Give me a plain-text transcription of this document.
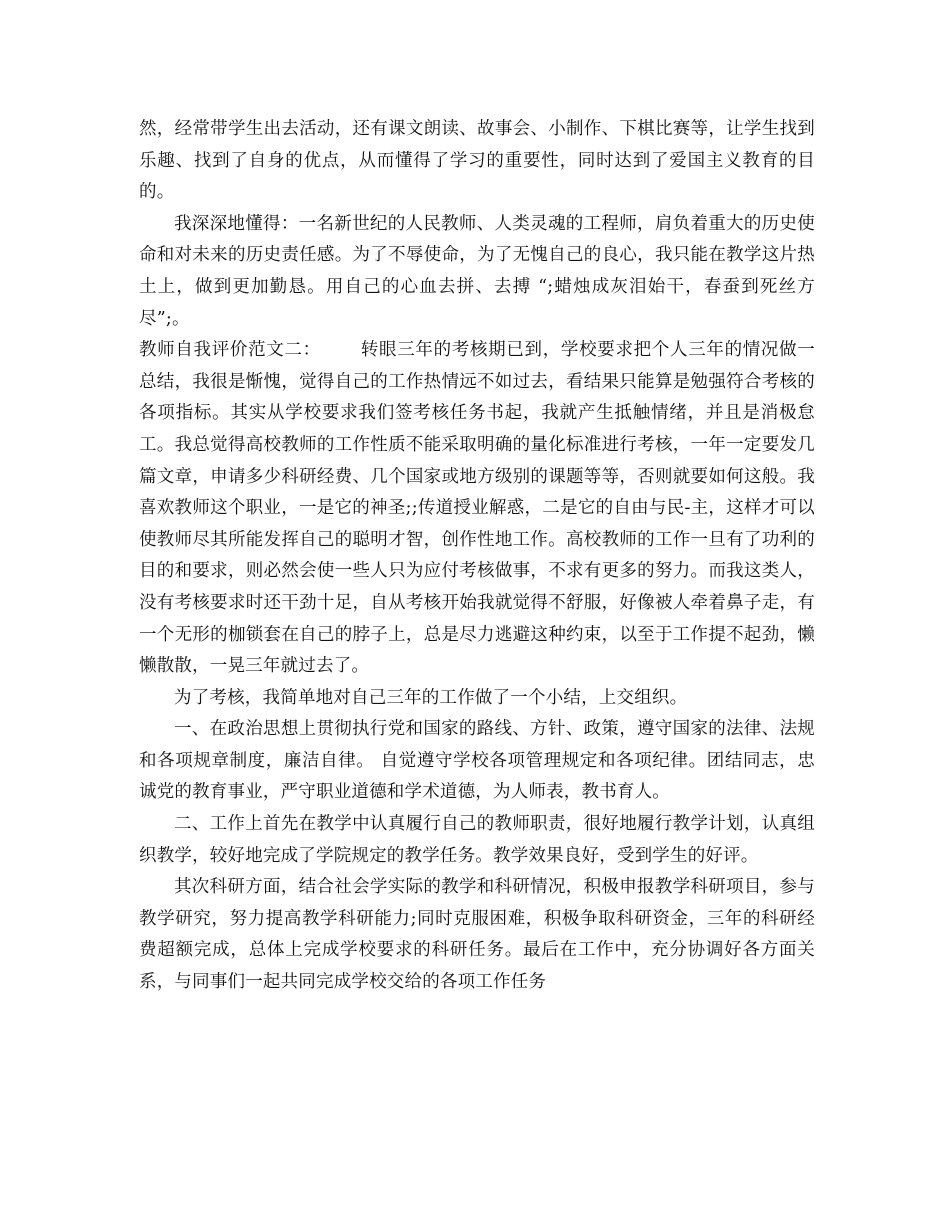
然，经常带学生出去活动，还有课文朗读、故事会、小制作、下棋比赛等，让学生找到乐趣、找到了自身的优点，从而懂得了学习的重要性，同时达到了爱国主义教育的目的。

我深深地懂得：一名新世纪的人民教师、人类灵魂的工程师，肩负着重大的历史使命和对未来的历史责任感。为了不辱使命，为了无愧自己的良心，我只能在教学这片热土上，做到更加勤恳。用自己的心血去拼、去搏 “;蜡烛成灰泪始干，春蚕到死丝方尽”;。

教师自我评价范文二： 转眼三年的考核期已到，学校要求把个人三年的情况做一总结，我很是惭愧，觉得自己的工作热情远不如过去，看结果只能算是勉强符合考核的各项指标。其实从学校要求我们签考核任务书起，我就产生抵触情绪，并且是消极怠工。我总觉得高校教师的工作性质不能采取明确的量化标准进行考核，一年一定要发几篇文章，申请多少科研经费、几个国家或地方级别的课题等等，否则就要如何这般。我喜欢教师这个职业，一是它的神圣;;传道授业解惑，二是它的自由与民-主，这样才可以使教师尽其所能发挥自己的聪明才智，创作性地工作。高校教师的工作一旦有了功利的目的和要求，则必然会使一些人只为应付考核做事，不求有更多的努力。而我这类人，没有考核要求时还干劲十足，自从考核开始我就觉得不舒服，好像被人牵着鼻子走，有一个无形的枷锁套在自己的脖子上，总是尽力逃避这种约束，以至于工作提不起劲，懒懒散散，一晃三年就过去了。

为了考核，我简单地对自己三年的工作做了一个小结，上交组织。

一、在政治思想上贯彻执行党和国家的路线、方针、政策，遵守国家的法律、法规和各项规章制度，廉洁自律。 自觉遵守学校各项管理规定和各项纪律。团结同志，忠诚党的教育事业，严守职业道德和学术道德，为人师表，教书育人。

二、工作上首先在教学中认真履行自己的教师职责，很好地履行教学计划，认真组织教学，较好地完成了学院规定的教学任务。教学效果良好，受到学生的好评。

其次科研方面，结合社会学实际的教学和科研情况，积极申报教学科研项目，参与教学研究，努力提高教学科研能力;同时克服困难，积极争取科研资金，三年的科研经费超额完成，总体上完成学校要求的科研任务。最后在工作中，充分协调好各方面关系，与同事们一起共同完成学校交给的各项工作任务
